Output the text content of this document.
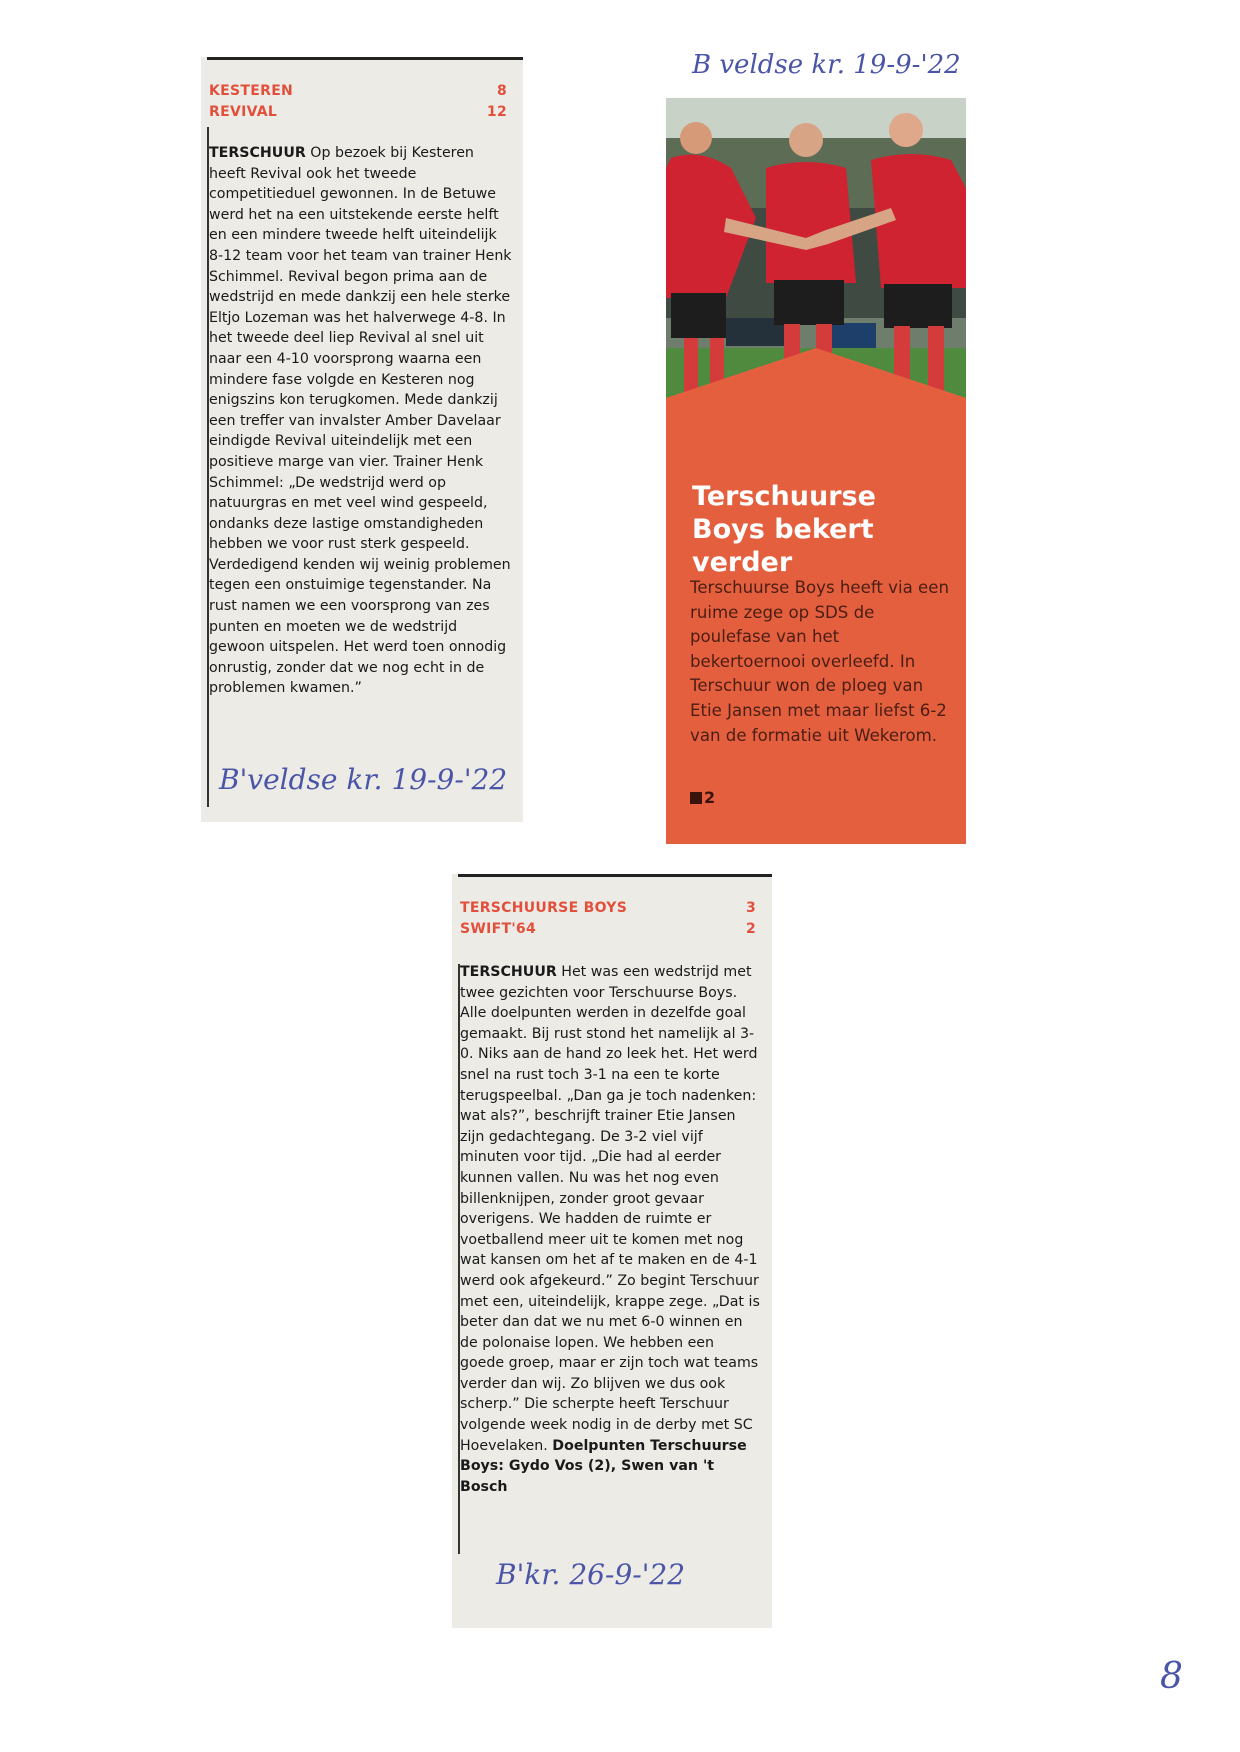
KESTEREN	8
REVIVAL	12

TERSCHUUR Op bezoek bij Kesteren heeft Revival ook het tweede competitieduel gewonnen. In de Betuwe werd het na een uitstekende eerste helft en een mindere tweede helft uiteindelijk 8-12 team voor het team van trainer Henk Schimmel. Revival begon prima aan de wedstrijd en mede dankzij een hele sterke Eltjo Lozeman was het halverwege 4-8. In het tweede deel liep Revival al snel uit naar een 4-10 voorsprong waarna een mindere fase volgde en Kesteren nog enigszins kon terugkomen. Mede dankzij een treffer van invalster Amber Davelaar eindigde Revival uiteindelijk met een positieve marge van vier. Trainer Henk Schimmel: „De wedstrijd werd op natuurgras en met veel wind gespeeld, ondanks deze lastige omstandigheden hebben we voor rust sterk gespeeld. Verdedigend kenden wij weinig problemen tegen een onstuimige tegenstander. Na rust namen we een voorsprong van zes punten en moeten we de wedstrijd gewoon uitspelen. Het werd toen onnodig onrustig, zonder dat we nog echt in de problemen kwamen.”

B'veldse kr. 19-9-'22
B veldse kr. 19-9-'22
Terschuurse Boys bekert verder

Terschuurse Boys heeft via een ruime zege op SDS de poulefase van het bekertoernooi overleefd. In Terschuur won de ploeg van Etie Jansen met maar liefst 6-2 van de formatie uit Wekerom.

2
TERSCHUURSE BOYS	3
SWIFT'64	2

TERSCHUUR Het was een wedstrijd met twee gezichten voor Terschuurse Boys. Alle doelpunten werden in dezelfde goal gemaakt. Bij rust stond het namelijk al 3-0. Niks aan de hand zo leek het. Het werd snel na rust toch 3-1 na een te korte terugspeelbal. „Dan ga je toch nadenken: wat als?”, beschrijft trainer Etie Jansen zijn gedachtegang. De 3-2 viel vijf minuten voor tijd. „Die had al eerder kunnen vallen. Nu was het nog even billenknijpen, zonder groot gevaar overigens. We hadden de ruimte er voetballend meer uit te komen met nog wat kansen om het af te maken en de 4-1 werd ook afgekeurd.” Zo begint Terschuur met een, uiteindelijk, krappe zege. „Dat is beter dan dat we nu met 6-0 winnen en de polonaise lopen. We hebben een goede groep, maar er zijn toch wat teams verder dan wij. Zo blijven we dus ook scherp.” Die scherpte heeft Terschuur volgende week nodig in de derby met SC Hoevelaken. Doelpunten Terschuurse Boys: Gydo Vos (2), Swen van 't Bosch

B'kr. 26-9-'22
8
